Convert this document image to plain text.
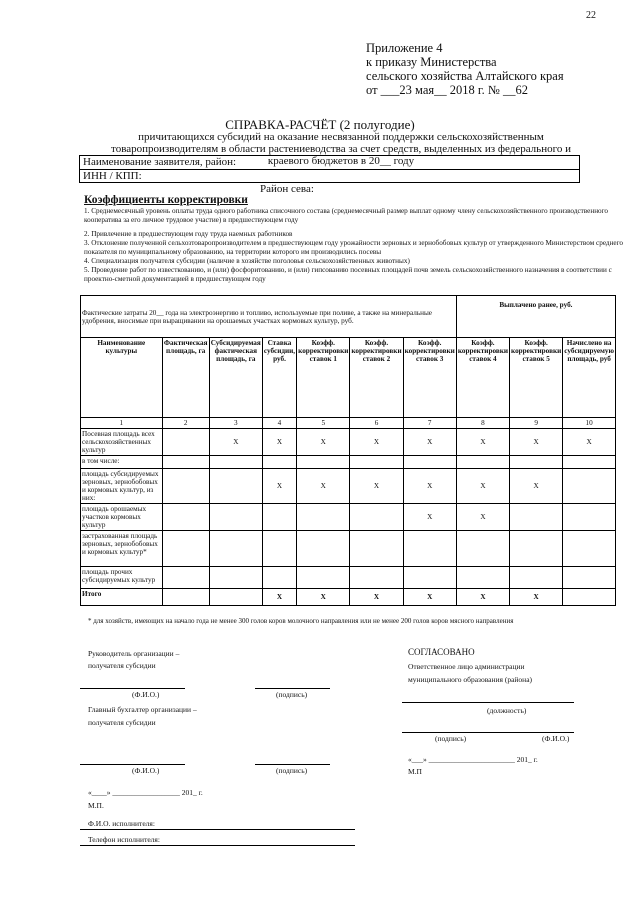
22
Приложение 4
к приказу Министерства
сельского хозяйства Алтайского края
от ___23 мая__ 2018 г. № __62
СПРАВКА-РАСЧЁТ (2 полугодие)
причитающихся субсидий на оказание несвязанной поддержки сельскохозяйственным товаропроизводителям в области растениеводства за счет средств, выделенных из федерального и краевого бюджетов в 20__ году
Наименование заявителя, район:
ИНН / КПП:
Район сева:
Коэффициенты корректировки

1. Среднемесячный уровень оплаты труда одного работника списочного состава (среднемесячный размер выплат одному члену сельскохозяйственного производственного кооператива за его личное трудовое участие) в предшествующем году

2. Привлечение в предшествующем году труда наемных работников

3. Отклонение полученной сельхозтоваропроизводителем в предшествующем году урожайности зерновых и зернобобовых культур от утвержденного Министерством среднего показателя по муниципальному образованию, на территории которого им производились посевы

4. Специализация получателя субсидии (наличие в хозяйстве поголовья сельскохозяйственных животных)

5. Проведение работ по известкованию, и (или) фосфоритованию, и (или) гипсованию посевных площадей почв земель сельскохозяйственного назначения в соответствии с проектно-сметной документацией в предшествующем году

Фактические затраты 20__ года на электроэнергию и топливо, используемые при поливе, а также на минеральные удобрения, вносимые при выращивании на орошаемых участках кормовых культур, руб.							Выплачено ранее, руб.		
Наименование культуры	Фактическая площадь, га	Субсидируемая фактическая площадь, га	Ставка субсидии, руб.	Коэфф. корректировки ставок 1	Коэфф. корректировки ставок 2	Коэфф. корректировки ставок 3	Коэфф. корректировки ставок 4	Коэфф. корректировки ставок 5	Начислено на субсидируемую площадь, руб
1	2	3	4	5	6	7	8	9	10
Посевная площадь всех сельскохозяйственных культур		X	X	X	X	X	X	X	X
в том числе:									
площадь субсидируемых зерновых, зернобобовых и кормовых культур, из них:			X	X	X	X	X	X	
площадь орошаемых участков кормовых культур						X	X		
застрахованная площадь зерновых, зернобобовых и кормовых культур*									
площадь прочих субсидируемых культур									
Итого			X	X	X	X	X	X	
* для хозяйств, имеющих на начало года не менее 300 голов коров молочного направления или не менее 200 голов коров мясного направления
Руководитель организации –
получателя субсидии
(Ф.И.О.)	(подпись)
Главный бухгалтер организации –
получателя субсидии
(Ф.И.О.)	(подпись)
«____» __________________ 201_ г.
М.П.
Ф.И.О. исполнителя:
Телефон исполнителя:
СОГЛАСОВАНО
Ответственное лицо администрации
муниципального образования (района)
(должность)
(подпись)	(Ф.И.О.)
«___» _______________________ 201_ г.
М.П
